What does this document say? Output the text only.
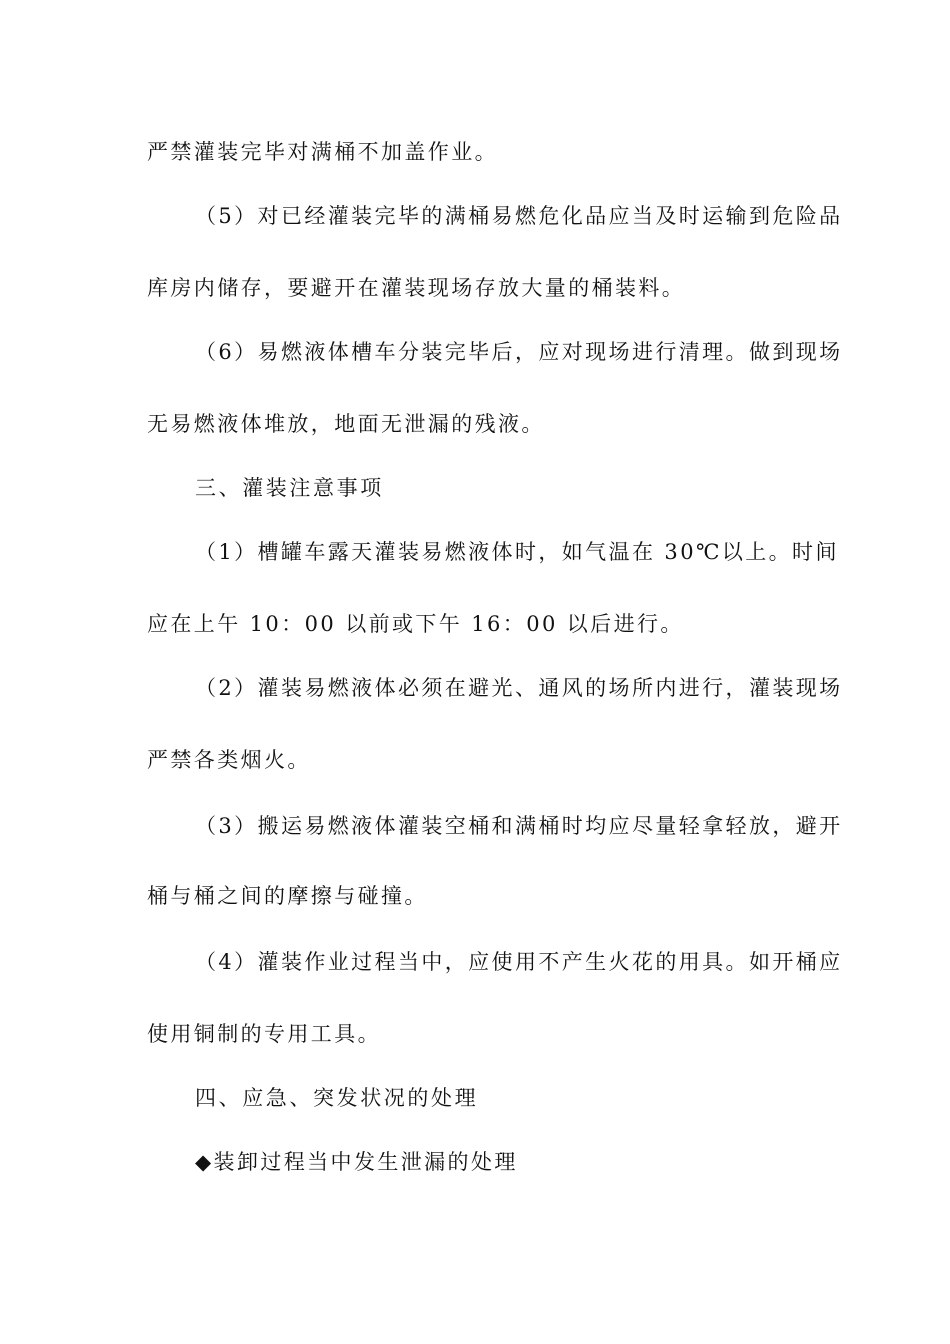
严禁灌装完毕对满桶不加盖作业。
（5）对已经灌装完毕的满桶易燃危化品应当及时运输到危险品
库房内储存，要避开在灌装现场存放大量的桶装料。
（6）易燃液体槽车分装完毕后，应对现场进行清理。做到现场
无易燃液体堆放，地面无泄漏的残液。
三、灌装注意事项
（1）槽罐车露天灌装易燃液体时，如气温在 30℃以上。时间
应在上午 10：00 以前或下午 16：00 以后进行。
（2）灌装易燃液体必须在避光、通风的场所内进行，灌装现场
严禁各类烟火。
（3）搬运易燃液体灌装空桶和满桶时均应尽量轻拿轻放，避开
桶与桶之间的摩擦与碰撞。
（4）灌装作业过程当中，应使用不产生火花的用具。如开桶应
使用铜制的专用工具。
四、应急、突发状况的处理
◆装卸过程当中发生泄漏的处理
